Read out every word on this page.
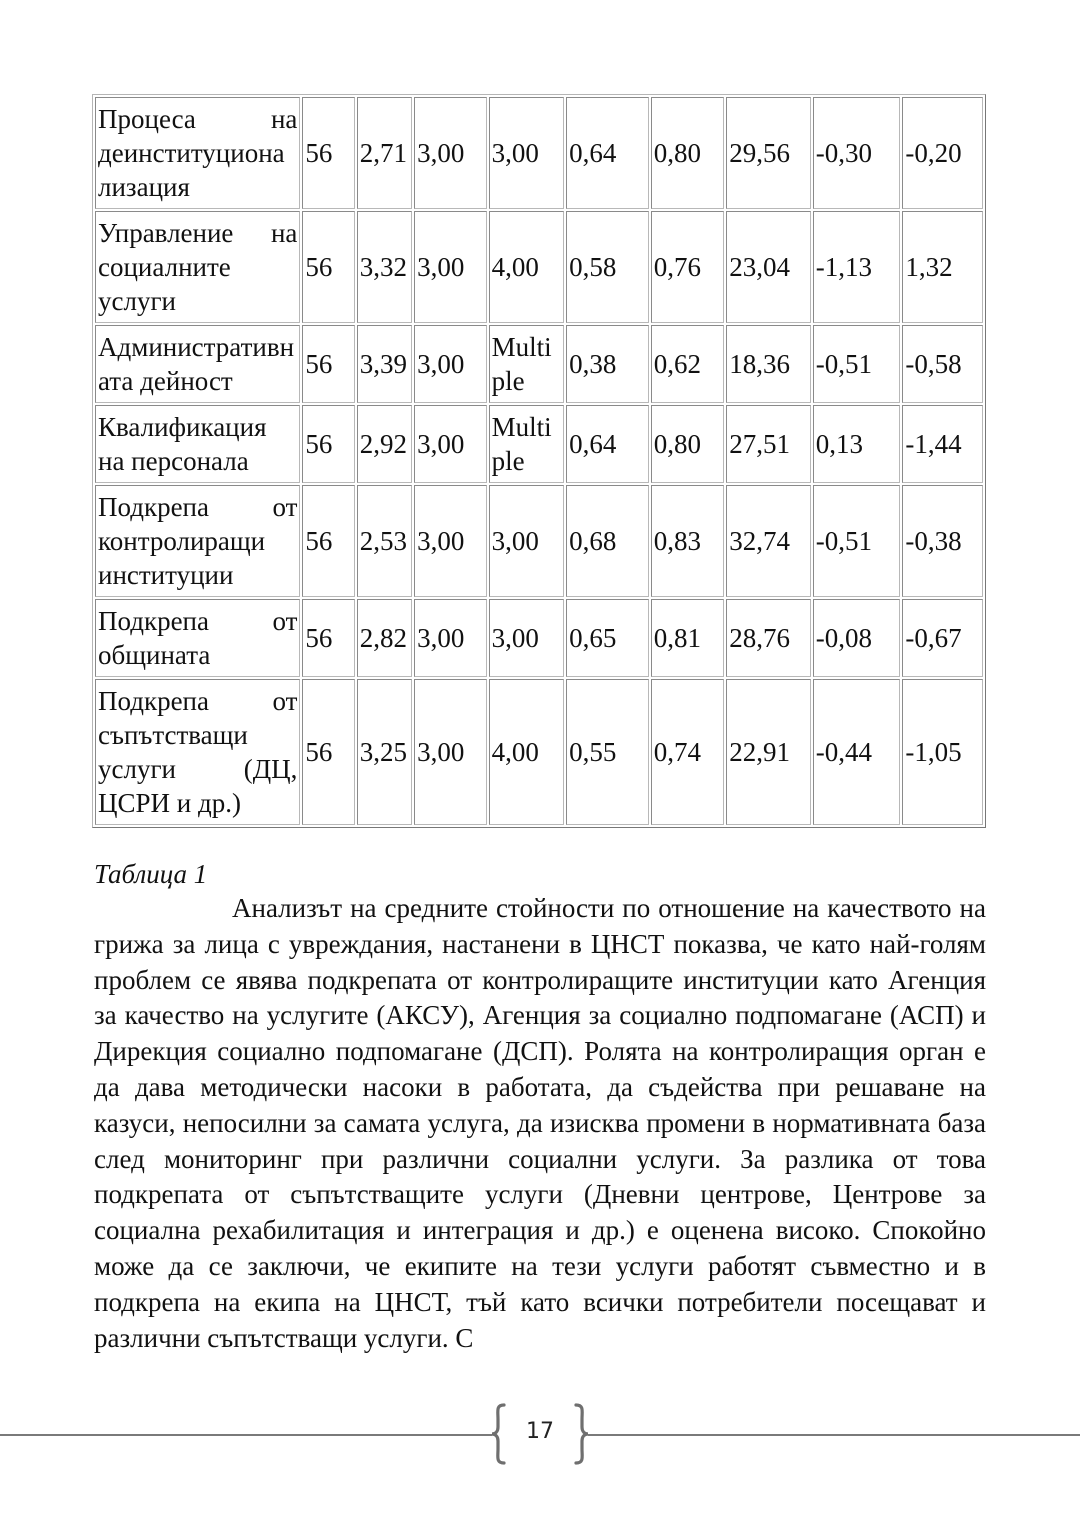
Процеса на деинституционализация	56	2,71	3,00	3,00	0,64	0,80	29,56	-0,30	-0,20
Управление на социалните услуги	56	3,32	3,00	4,00	0,58	0,76	23,04	-1,13	1,32
Административната дейност	56	3,39	3,00	Multiple	0,38	0,62	18,36	-0,51	-0,58
Квалификация на персонала	56	2,92	3,00	Multiple	0,64	0,80	27,51	0,13	-1,44
Подкрепа от контролиращи институции	56	2,53	3,00	3,00	0,68	0,83	32,74	-0,51	-0,38
Подкрепа от общината	56	2,82	3,00	3,00	0,65	0,81	28,76	-0,08	-0,67
Подкрепа от съпътстващи услуги (ДЦ, ЦСРИ и др.)	56	3,25	3,00	4,00	0,55	0,74	22,91	-0,44	-1,05
Таблица 1

Анализът на средните стойности по отношение на качеството на грижа за лица с увреждания, настанени в ЦНСТ показва, че като най-голям проблем се явява подкрепата от контролиращите институции като Агенция за качество на услугите (АКСУ), Агенция за социално подпомагане (АСП) и Дирекция социално подпомагане (ДСП). Ролята на контролиращия орган е да дава методически насоки в работата, да съдейства при решаване на казуси, непосилни за самата услуга, да изисква промени в нормативната база след мониторинг при различни социални услуги. За разлика от това подкрепата от съпътстващите услуги (Дневни центрове, Центрове за социална рехабилитация и интеграция и др.) е оценена високо. Спокойно може да се заключи, че екипите на тези услуги работят съвместно и в подкрепа на екипа на ЦНСТ, тъй като всички потребители посещават и различни съпътстващи услуги. С

17
